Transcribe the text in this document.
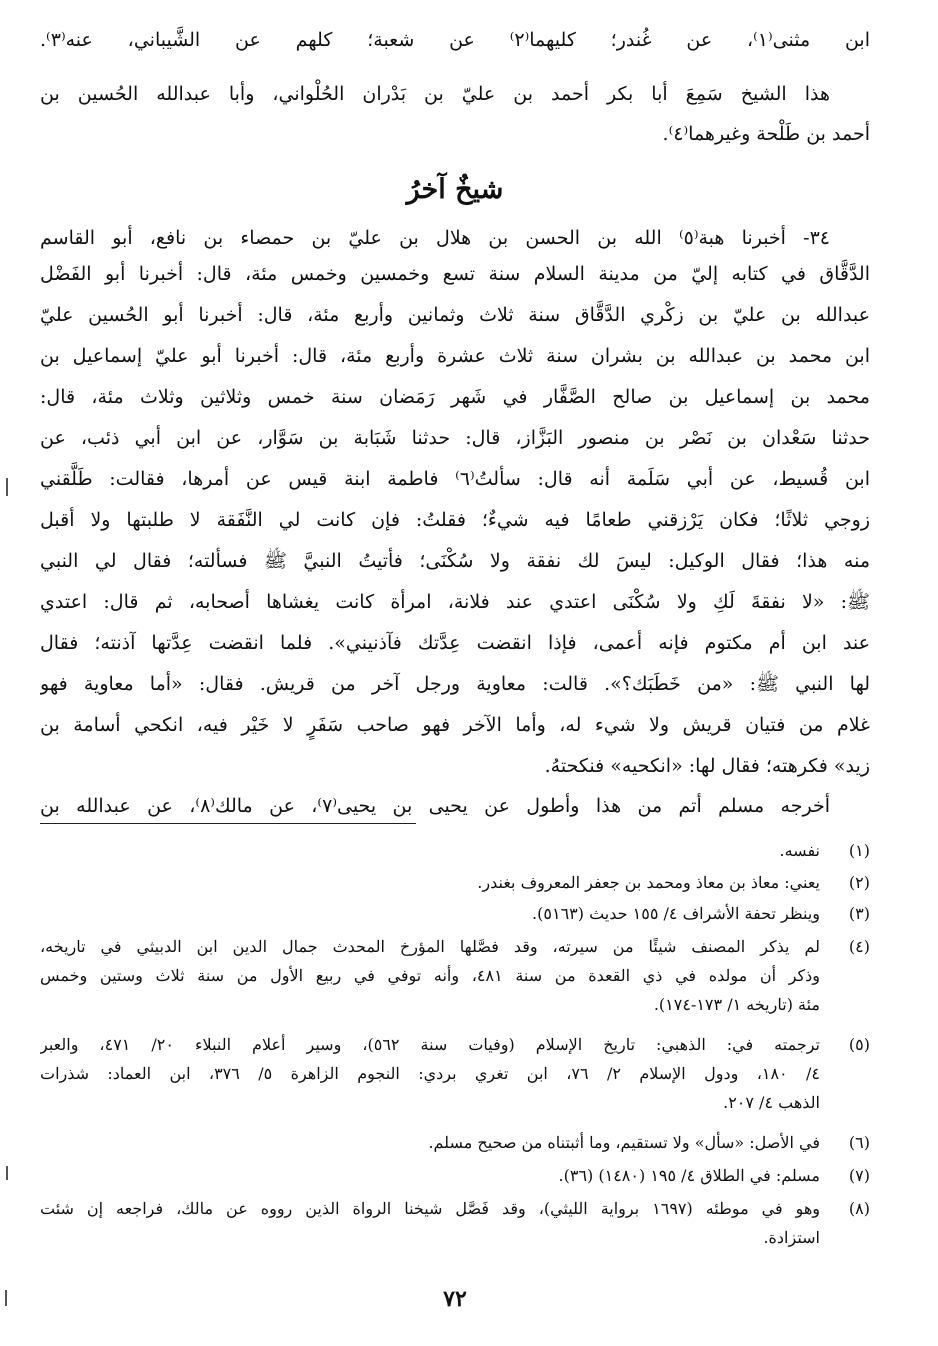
ابن مثنى⁽١⁾، عن غُندر؛ كليهما⁽٢⁾ عن شعبة؛ كلهم عن الشَّيباني، عنه⁽٣⁾.
هذا الشيخ سَمِعَ أبا بكر أحمد بن عليّ بن بَدْران الحُلْواني، وأبا عبدالله الحُسين بن
أحمد بن طَلْحة وغيرهما⁽٤⁾.
شيخٌ آخرُ
٣٤- أخبرنا هبة⁽٥⁾ الله بن الحسن بن هلال بن عليّ بن حمصاء بن نافع، أبو القاسم
الدَّقَّاق في كتابه إليّ من مدينة السلام سنة تسع وخمسين وخمس مئة، قال: أخبرنا أبو الفَضْل
عبدالله بن عليّ بن زكْري الدَّقَّاق سنة ثلاث وثمانين وأربع مئة، قال: أخبرنا أبو الحُسين عليّ
ابن محمد بن عبدالله بن بشران سنة ثلاث عشرة وأربع مئة، قال: أخبرنا أبو عليّ إسماعيل بن
محمد بن إسماعيل بن صالح الصَّفَّار في شَهر رَمَضان سنة خمس وثلاثين وثلاث مئة، قال:
حدثنا سَعْدان بن نَصْر بن منصور البَزَّاز، قال: حدثنا شَبَابة بن سَوَّار، عن ابن أبي ذئب، عن
ابن قُسيط، عن أبي سَلَمة أنه قال: سألتُ⁽٦⁾ فاطمة ابنة قيس عن أمرها، فقالت: طَلَّقني
زوجي ثلاثًا؛ فكان يَرْزقني طعامًا فيه شيءٌ؛ فقلتُ: فإن كانت لي النَّفَقة لا طلبتها ولا أقبل
منه هذا؛ فقال الوكيل: ليسَ لك نفقة ولا سُكْنَى؛ فأتيتُ النبيَّ ﷺ فسألته؛ فقال لي النبي
ﷺ: «لا نفقةَ لَكِ ولا سُكْنَى اعتدي عند فلانة، امرأة كانت يغشاها أصحابه، ثم قال: اعتدي
عند ابن أم مكتوم فإنه أعمى، فإذا انقضت عِدَّتك فآذنيني». فلما انقضت عِدَّتها آذنته؛ فقال
لها النبي ﷺ: «من خَطَبَك؟». قالت: معاوية ورجل آخر من قريش. فقال: «أما معاوية فهو
غلام من فتيان قريش ولا شيء له، وأما الآخر فهو صاحب سَفَرٍ لا خَيْر فيه، انكحي أسامة بن
زيد» فكرهته؛ فقال لها: «انكحيه» فنكحتهُ.
أخرجه مسلم أتم من هذا وأطول عن يحيى بن يحيى⁽٧⁾، عن مالك⁽٨⁾، عن عبدالله بن
(١)
نفسه.
(٢)
يعني: معاذ بن معاذ ومحمد بن جعفر المعروف بغندر.
(٣)
وينظر تحفة الأشراف ٤/ ١٥٥ حديث (٥١٦٣).
(٤)
لم يذكر المصنف شيئًا من سيرته، وقد فصَّلها المؤرخ المحدث جمال الدين ابن الدبيثي في تاريخه،
وذكر أن مولده في ذي القعدة من سنة ٤٨١، وأنه توفي في ربيع الأول من سنة ثلاث وستين وخمس
مئة (تاريخه ١/ ١٧٣-١٧٤).
(٥)
ترجمته في: الذهبي: تاريخ الإسلام (وفيات سنة ٥٦٢)، وسير أعلام النبلاء ٢٠/ ٤٧١، والعبر
٤/ ١٨٠، ودول الإسلام ٢/ ٧٦، ابن تغري بردي: النجوم الزاهرة ٥/ ٣٧٦، ابن العماد: شذرات
الذهب ٤/ ٢٠٧.
(٦)
في الأصل: «سأل» ولا تستقيم، وما أثبتناه من صحيح مسلم.
(٧)
مسلم: في الطلاق ٤/ ١٩٥ (١٤٨٠) (٣٦).
(٨)
وهو في موطئه (١٦٩٧ برواية الليثي)، وقد فَصَّل شيخنا الرواة الذين رووه عن مالك، فراجعه إن شئت
استزادة.
٧٢
